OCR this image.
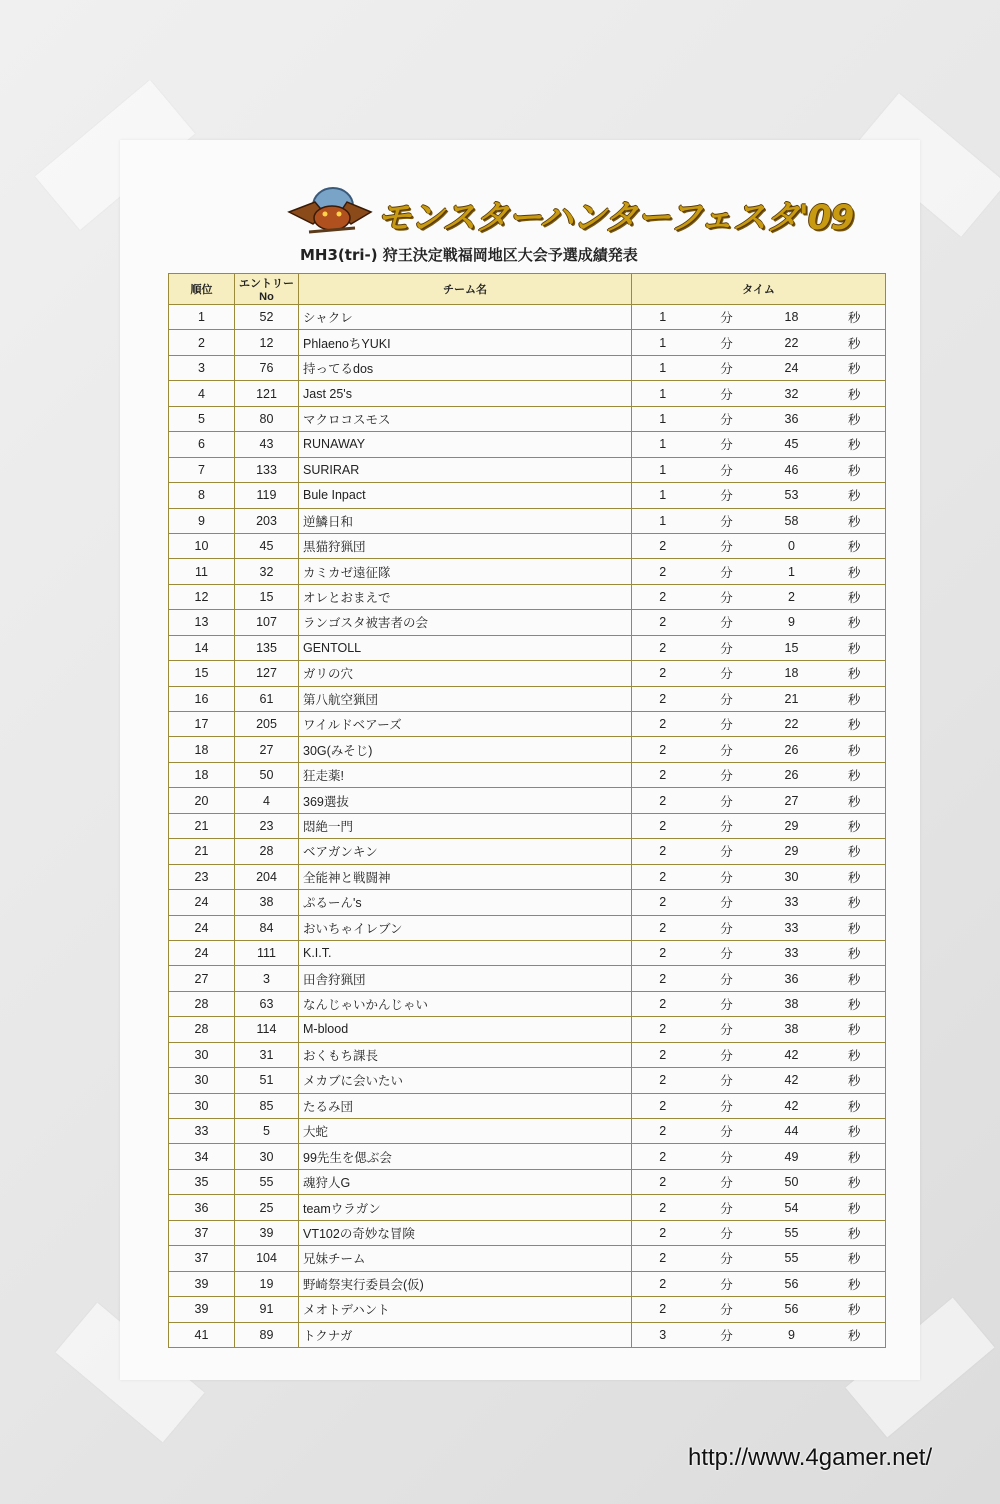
モンスターハンターフェスタ'09
MH3(tri-) 狩王決定戦福岡地区大会予選成績発表
順位	エントリーNo	チーム名	タイム			
1	52	シャクレ	1	分	18	秒
2	12	PhlaenoちYUKI	1	分	22	秒
3	76	持ってるdos	1	分	24	秒
4	121	Jast 25's	1	分	32	秒
5	80	マクロコスモス	1	分	36	秒
6	43	RUNAWAY	1	分	45	秒
7	133	SURIRAR	1	分	46	秒
8	119	Bule Inpact	1	分	53	秒
9	203	逆鱗日和	1	分	58	秒
10	45	黒猫狩猟団	2	分	0	秒
11	32	カミカゼ遠征隊	2	分	1	秒
12	15	オレとおまえで	2	分	2	秒
13	107	ランゴスタ被害者の会	2	分	9	秒
14	135	GENTOLL	2	分	15	秒
15	127	ガリの穴	2	分	18	秒
16	61	第八航空猟団	2	分	21	秒
17	205	ワイルドベアーズ	2	分	22	秒
18	27	30G(みそじ)	2	分	26	秒
18	50	狂走薬!	2	分	26	秒
20	4	369選抜	2	分	27	秒
21	23	悶絶一門	2	分	29	秒
21	28	ベアガンキン	2	分	29	秒
23	204	全能神と戦闘神	2	分	30	秒
24	38	ぷるーん's	2	分	33	秒
24	84	おいちゃイレブン	2	分	33	秒
24	111	K.I.T.	2	分	33	秒
27	3	田舎狩猟団	2	分	36	秒
28	63	なんじゃいかんじゃい	2	分	38	秒
28	114	M-blood	2	分	38	秒
30	31	おくもち課長	2	分	42	秒
30	51	メカブに会いたい	2	分	42	秒
30	85	たるみ団	2	分	42	秒
33	5	大蛇	2	分	44	秒
34	30	99先生を偲ぶ会	2	分	49	秒
35	55	魂狩人G	2	分	50	秒
36	25	teamウラガン	2	分	54	秒
37	39	VT102の奇妙な冒険	2	分	55	秒
37	104	兄妹チーム	2	分	55	秒
39	19	野崎祭実行委員会(仮)	2	分	56	秒
39	91	メオトデハント	2	分	56	秒
41	89	トクナガ	3	分	9	秒
http://www.4gamer.net/
